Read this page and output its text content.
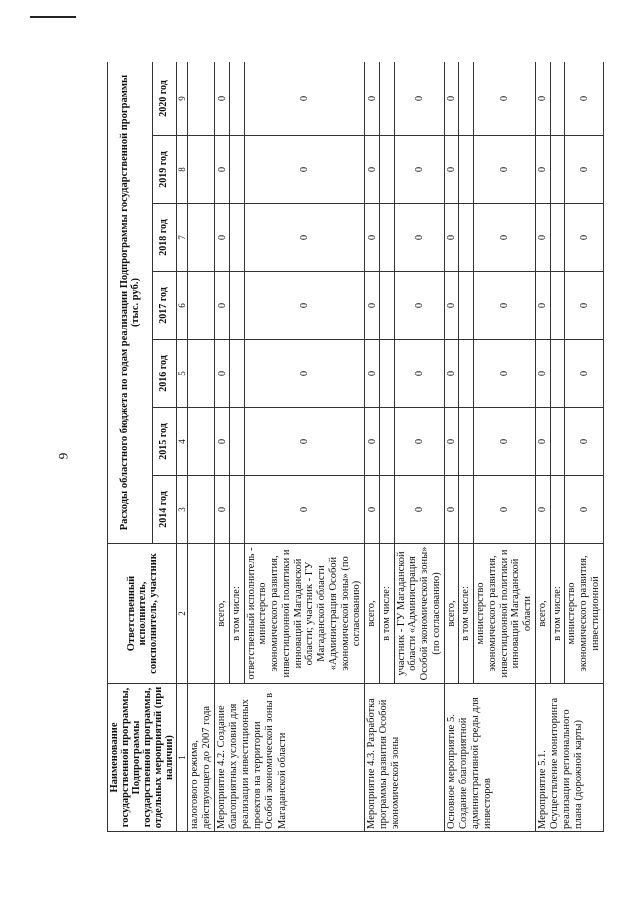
9
Наименование государственной программы, Подпрограммы государственной программы, отдельных мероприятий (при наличии)	Ответственный исполнитель, соисполнитель, участник	Расходы областного бюджета по годам реализации Подпрограммы государственной программы (тыс. руб.)						
		2014 год	2015 год	2016 год	2017 год	2018 год	2019 год	2020 год
1	2	3	4	5	6	7	8	9
налогового режима, действующего до 2007 года								
Мероприятие 4.2. Создание благоприятных условий для реализации инвестиционных проектов на территории Особой экономической зоны в Магаданской области	всего,	0	0	0	0	0	0	0
	в том числе:							
	ответственный исполнитель - министерство экономического развития, инвестиционной политики и инноваций Магаданской области; участник - ГУ Магаданской области «Администрация Особой экономической зоны» (по согласованию)	0	0	0	0	0	0	0
Мероприятие 4.3. Разработка программы развития Особой экономической зоны	всего,	0	0	0	0	0	0	0
	в том числе:							
	участник - ГУ Магаданской области «Администрация Особой экономической зоны» (по согласованию)	0	0	0	0	0	0	0
Основное мероприятие 5. Создание благоприятной административной среды для инвесторов	всего,	0	0	0	0	0	0	0
	в том числе:							
	министерство экономического развития, инвестиционной политики и инноваций Магаданской области	0	0	0	0	0	0	0
Мероприятие 5.1. Осуществление мониторинга реализации регионального плана (дорожной карты)	всего,	0	0	0	0	0	0	0
	в том числе:							
	министерство экономического развития, инвестиционной	0	0	0	0	0	0	0
